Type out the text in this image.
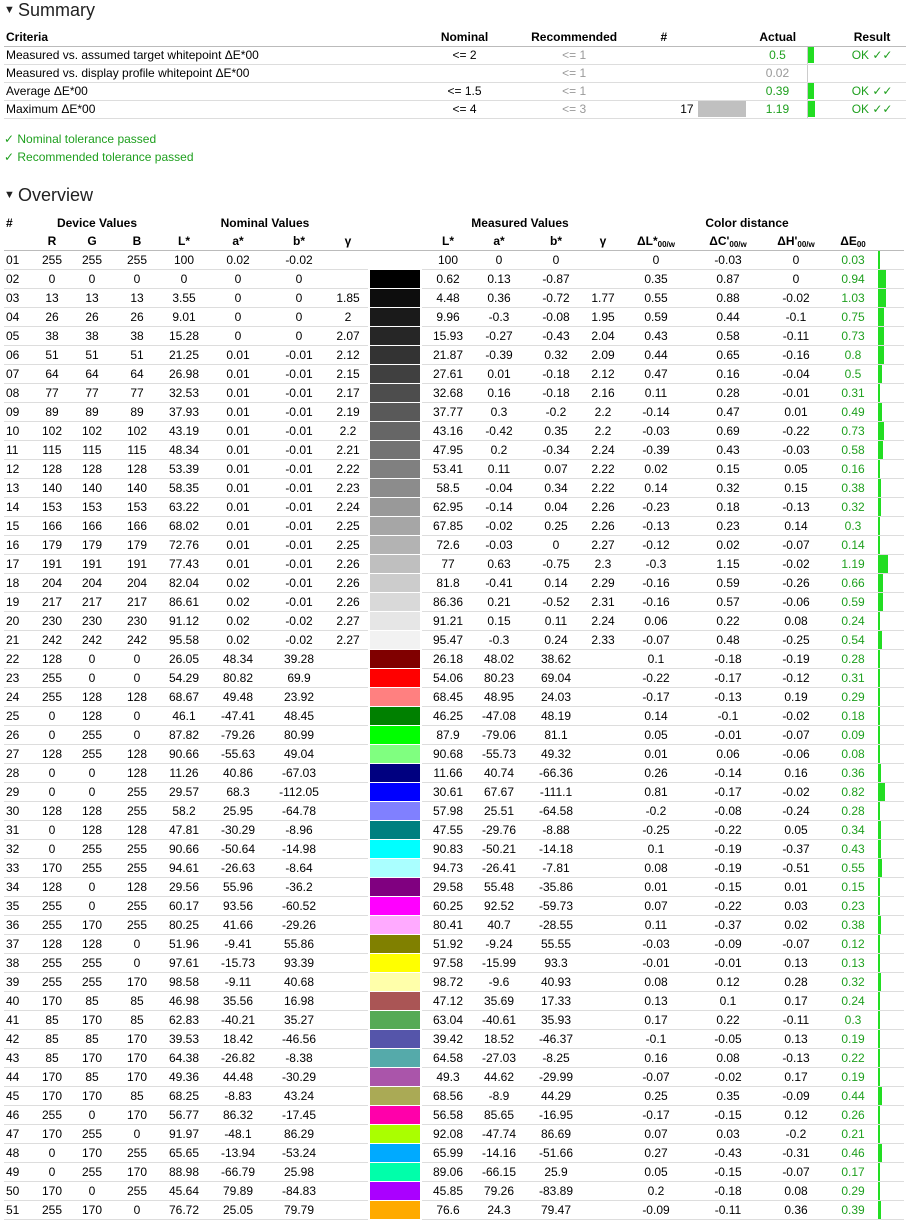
▼ Summary
Criteria	Nominal	Recommended	#		Actual		Result
Measured vs. assumed target whitepoint ΔE*00	<= 2	<= 1			0.5		OK ✓✓
Measured vs. display profile whitepoint ΔE*00		<= 1			0.02		
Average ΔE*00	<= 1.5	<= 1			0.39		OK ✓✓
Maximum ΔE*00	<= 4	<= 3	17		1.19		OK ✓✓
✓ Nominal tolerance passed
✓ Recommended tolerance passed
▼ Overview
#	Device Values			Nominal Values					Measured Values				Color distance				
	R	G	B	L*	a*	b*	γ		L*	a*	b*	γ	$\Delta L*_{00/w}$	$\Delta C'_{00/w}$	$\Delta H'_{00/w}$	$\Delta E_{00}$	
01	255	255	255	100	0.02	-0.02			100	0	0		0	-0.03	0	0.03	
02	0	0	0	0	0	0			0.62	0.13	-0.87		0.35	0.87	0	0.94	
03	13	13	13	3.55	0	0	1.85		4.48	0.36	-0.72	1.77	0.55	0.88	-0.02	1.03	
04	26	26	26	9.01	0	0	2		9.96	-0.3	-0.08	1.95	0.59	0.44	-0.1	0.75	
05	38	38	38	15.28	0	0	2.07		15.93	-0.27	-0.43	2.04	0.43	0.58	-0.11	0.73	
06	51	51	51	21.25	0.01	-0.01	2.12		21.87	-0.39	0.32	2.09	0.44	0.65	-0.16	0.8	
07	64	64	64	26.98	0.01	-0.01	2.15		27.61	0.01	-0.18	2.12	0.47	0.16	-0.04	0.5	
08	77	77	77	32.53	0.01	-0.01	2.17		32.68	0.16	-0.18	2.16	0.11	0.28	-0.01	0.31	
09	89	89	89	37.93	0.01	-0.01	2.19		37.77	0.3	-0.2	2.2	-0.14	0.47	0.01	0.49	
10	102	102	102	43.19	0.01	-0.01	2.2		43.16	-0.42	0.35	2.2	-0.03	0.69	-0.22	0.73	
11	115	115	115	48.34	0.01	-0.01	2.21		47.95	0.2	-0.34	2.24	-0.39	0.43	-0.03	0.58	
12	128	128	128	53.39	0.01	-0.01	2.22		53.41	0.11	0.07	2.22	0.02	0.15	0.05	0.16	
13	140	140	140	58.35	0.01	-0.01	2.23		58.5	-0.04	0.34	2.22	0.14	0.32	0.15	0.38	
14	153	153	153	63.22	0.01	-0.01	2.24		62.95	-0.14	0.04	2.26	-0.23	0.18	-0.13	0.32	
15	166	166	166	68.02	0.01	-0.01	2.25		67.85	-0.02	0.25	2.26	-0.13	0.23	0.14	0.3	
16	179	179	179	72.76	0.01	-0.01	2.25		72.6	-0.03	0	2.27	-0.12	0.02	-0.07	0.14	
17	191	191	191	77.43	0.01	-0.01	2.26		77	0.63	-0.75	2.3	-0.3	1.15	-0.02	1.19	
18	204	204	204	82.04	0.02	-0.01	2.26		81.8	-0.41	0.14	2.29	-0.16	0.59	-0.26	0.66	
19	217	217	217	86.61	0.02	-0.01	2.26		86.36	0.21	-0.52	2.31	-0.16	0.57	-0.06	0.59	
20	230	230	230	91.12	0.02	-0.02	2.27		91.21	0.15	0.11	2.24	0.06	0.22	0.08	0.24	
21	242	242	242	95.58	0.02	-0.02	2.27		95.47	-0.3	0.24	2.33	-0.07	0.48	-0.25	0.54	
22	128	0	0	26.05	48.34	39.28			26.18	48.02	38.62		0.1	-0.18	-0.19	0.28	
23	255	0	0	54.29	80.82	69.9			54.06	80.23	69.04		-0.22	-0.17	-0.12	0.31	
24	255	128	128	68.67	49.48	23.92			68.45	48.95	24.03		-0.17	-0.13	0.19	0.29	
25	0	128	0	46.1	-47.41	48.45			46.25	-47.08	48.19		0.14	-0.1	-0.02	0.18	
26	0	255	0	87.82	-79.26	80.99			87.9	-79.06	81.1		0.05	-0.01	-0.07	0.09	
27	128	255	128	90.66	-55.63	49.04			90.68	-55.73	49.32		0.01	0.06	-0.06	0.08	
28	0	0	128	11.26	40.86	-67.03			11.66	40.74	-66.36		0.26	-0.14	0.16	0.36	
29	0	0	255	29.57	68.3	-112.05			30.61	67.67	-111.1		0.81	-0.17	-0.02	0.82	
30	128	128	255	58.2	25.95	-64.78			57.98	25.51	-64.58		-0.2	-0.08	-0.24	0.28	
31	0	128	128	47.81	-30.29	-8.96			47.55	-29.76	-8.88		-0.25	-0.22	0.05	0.34	
32	0	255	255	90.66	-50.64	-14.98			90.83	-50.21	-14.18		0.1	-0.19	-0.37	0.43	
33	170	255	255	94.61	-26.63	-8.64			94.73	-26.41	-7.81		0.08	-0.19	-0.51	0.55	
34	128	0	128	29.56	55.96	-36.2			29.58	55.48	-35.86		0.01	-0.15	0.01	0.15	
35	255	0	255	60.17	93.56	-60.52			60.25	92.52	-59.73		0.07	-0.22	0.03	0.23	
36	255	170	255	80.25	41.66	-29.26			80.41	40.7	-28.55		0.11	-0.37	0.02	0.38	
37	128	128	0	51.96	-9.41	55.86			51.92	-9.24	55.55		-0.03	-0.09	-0.07	0.12	
38	255	255	0	97.61	-15.73	93.39			97.58	-15.99	93.3		-0.01	-0.01	0.13	0.13	
39	255	255	170	98.58	-9.11	40.68			98.72	-9.6	40.93		0.08	0.12	0.28	0.32	
40	170	85	85	46.98	35.56	16.98			47.12	35.69	17.33		0.13	0.1	0.17	0.24	
41	85	170	85	62.83	-40.21	35.27			63.04	-40.61	35.93		0.17	0.22	-0.11	0.3	
42	85	85	170	39.53	18.42	-46.56			39.42	18.52	-46.37		-0.1	-0.05	0.13	0.19	
43	85	170	170	64.38	-26.82	-8.38			64.58	-27.03	-8.25		0.16	0.08	-0.13	0.22	
44	170	85	170	49.36	44.48	-30.29			49.3	44.62	-29.99		-0.07	-0.02	0.17	0.19	
45	170	170	85	68.25	-8.83	43.24			68.56	-8.9	44.29		0.25	0.35	-0.09	0.44	
46	255	0	170	56.77	86.32	-17.45			56.58	85.65	-16.95		-0.17	-0.15	0.12	0.26	
47	170	255	0	91.97	-48.1	86.29			92.08	-47.74	86.69		0.07	0.03	-0.2	0.21	
48	0	170	255	65.65	-13.94	-53.24			65.99	-14.16	-51.66		0.27	-0.43	-0.31	0.46	
49	0	255	170	88.98	-66.79	25.98			89.06	-66.15	25.9		0.05	-0.15	-0.07	0.17	
50	170	0	255	45.64	79.89	-84.83			45.85	79.26	-83.89		0.2	-0.18	0.08	0.29	
51	255	170	0	76.72	25.05	79.79			76.6	24.3	79.47		-0.09	-0.11	0.36	0.39	
